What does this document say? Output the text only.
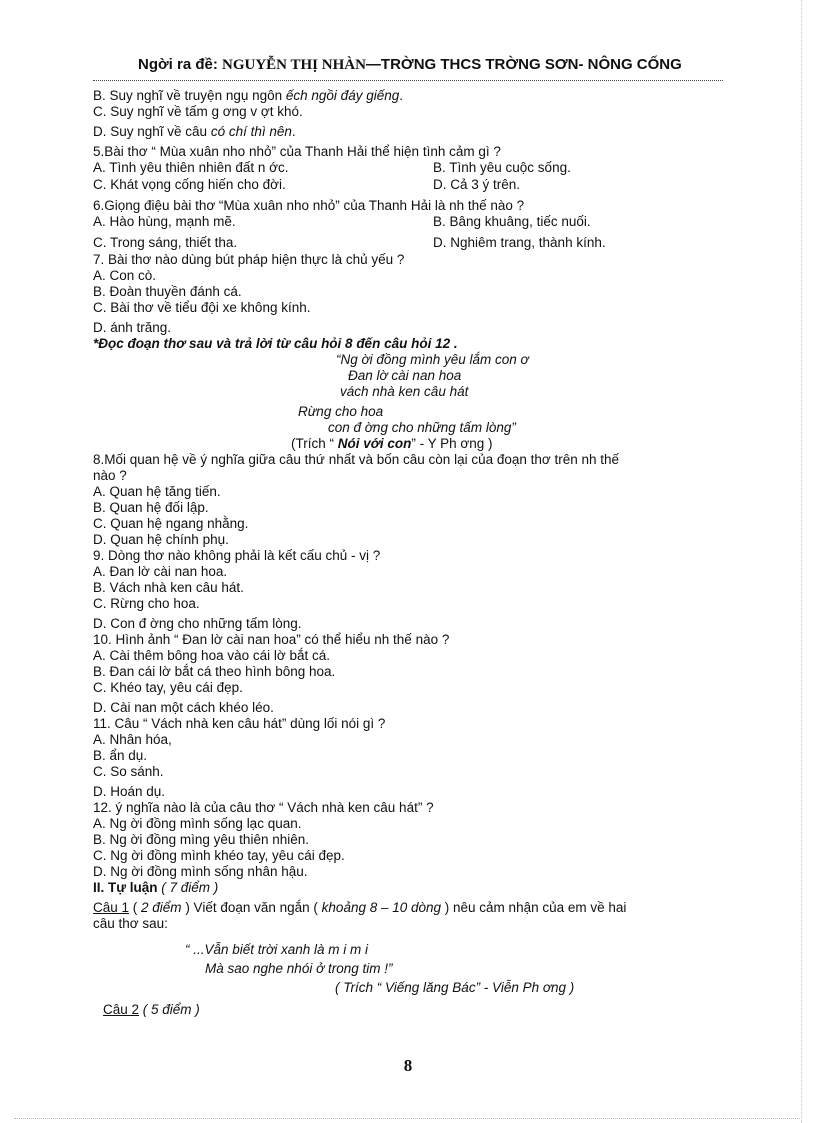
Ngời ra đề: NGUYỄN THỊ NHÀN—TRỜNG THCS TRỜNG SƠN- NÔNG CỐNG
B. Suy nghĩ về truyện ngụ ngôn ếch ngồi đáy giếng.
C. Suy nghĩ về tấm g ơng v ợt khó.
D. Suy nghĩ về câu có chí thì nên.
5.Bài thơ “ Mùa xuân nho nhỏ” của Thanh Hải thể hiện tình cảm gì ?
A. Tình yêu thiên nhiên đất n ớc.	B. Tình yêu cuộc sống.
C. Khát vọng cống hiến cho đời.	D. Cả 3 ý trên.
6.Giọng điệu bài thơ “Mùa xuân nho nhỏ” của Thanh Hải là nh thế nào ?
A. Hào hùng, mạnh mẽ.	B. Bâng khuâng, tiếc nuối.
C. Trong sáng, thiết tha.	D. Nghiêm trang, thành kính.
7. Bài thơ nào dùng bút pháp hiện thực là chủ yếu ?
A. Con cò.
B. Đoàn thuyền đánh cá.
C. Bài thơ về tiểu đội xe không kính.
D. ánh trăng.
*Đọc đoạn thơ sau và trả lời từ câu hỏi 8 đến câu hỏi 12 .
“Ng ời đồng mình yêu lắm con ơ
Đan lờ cài nan hoa
vách nhà ken câu hát
Rừng cho hoa
con đ ờng cho những tấm lòng”
(Trích “ Nói với con” - Y Ph ơng )
8.Mối quan hệ về ý nghĩa giữa câu thứ nhất và bốn câu còn lại của đoạn thơ trên nh thế
nào ?
A. Quan hệ tăng tiến.
B. Quan hệ đối lập.
C. Quan hệ ngang nhằng.
D. Quan hệ chính phụ.
9. Dòng thơ nào không phải là kết cấu chủ - vị ?
A. Đan lờ cài nan hoa.
B. Vách nhà ken câu hát.
C. Rừng cho hoa.
D. Con đ ờng cho những tấm lòng.
10. Hình ảnh “ Đan lờ cài nan hoa” có thể hiểu nh thế nào ?
A. Cài thêm bông hoa vào cái lờ bắt cá.
B. Đan cái lờ bắt cá theo hình bông hoa.
C. Khéo tay, yêu cái đẹp.
D. Cài nan một cách khéo léo.
11. Câu “ Vách nhà ken câu hát” dùng lối nói gì ?
A. Nhân hóa,
B. ẩn dụ.
C. So sánh.
D. Hoán dụ.
12. ý nghĩa nào là của câu thơ “ Vách nhà ken câu hát” ?
A. Ng ời đồng mình sống lạc quan.
B. Ng ời đồng mìng yêu thiên nhiên.
C. Ng ời đồng mình khéo tay, yêu cái đẹp.
D. Ng ời đồng mình sống nhân hậu.
II. Tự luận ( 7 điểm )
Câu 1 ( 2 điểm ) Viết đoạn văn ngắn ( khoảng 8 – 10 dòng ) nêu cảm nhận của em về hai
câu thơ sau:
“ ...Vẫn biết trời xanh là m i m i
Mà sao nghe nhói ở trong tim !”
( Trích “ Viếng lăng Bác” - Viễn Ph ơng )
Câu 2 ( 5 điểm )
8
